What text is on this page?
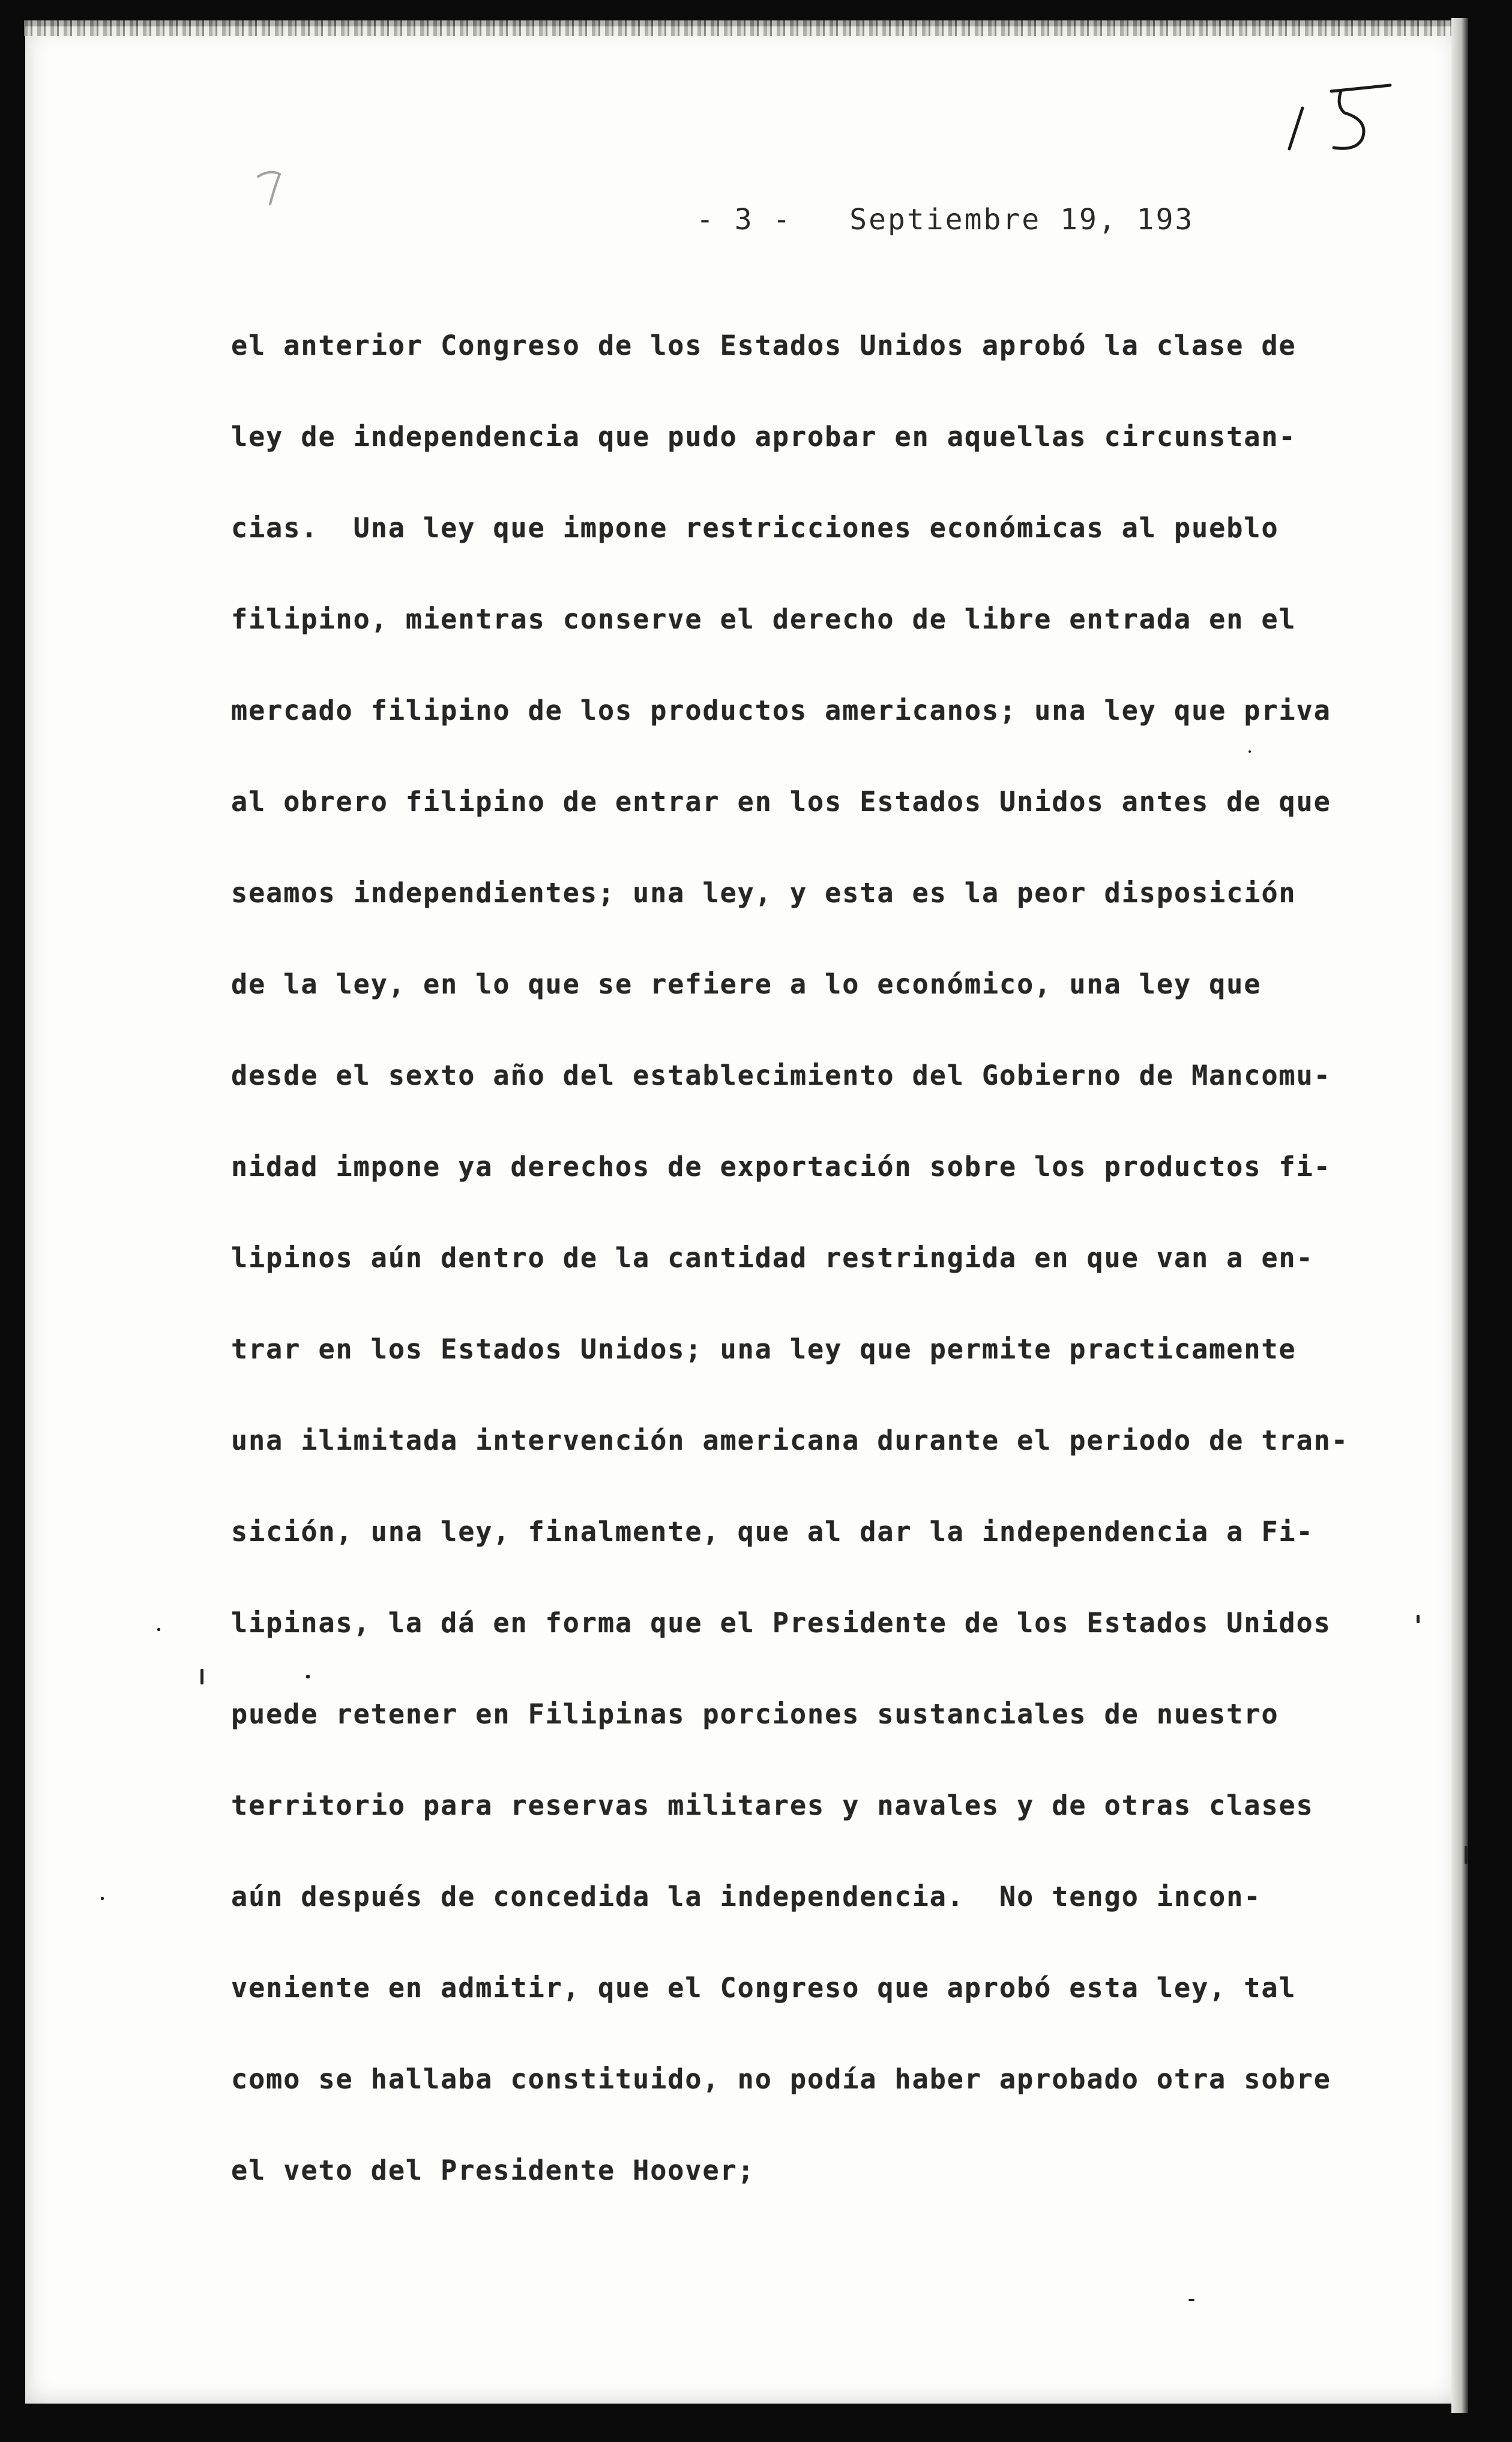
- 3 -   Septiembre 19, 193
el anterior Congreso de los Estados Unidos aprobó la clase de
ley de independencia que pudo aprobar en aquellas circunstan-
cias.  Una ley que impone restricciones económicas al pueblo
filipino, mientras conserve el derecho de libre entrada en el
mercado filipino de los productos americanos; una ley que priva
al obrero filipino de entrar en los Estados Unidos antes de que
seamos independientes; una ley, y esta es la peor disposición
de la ley, en lo que se refiere a lo económico, una ley que
desde el sexto año del establecimiento del Gobierno de Mancomu-
nidad impone ya derechos de exportación sobre los productos fi-
lipinos aún dentro de la cantidad restringida en que van a en-
trar en los Estados Unidos; una ley que permite practicamente
una ilimitada intervención americana durante el periodo de tran-
sición, una ley, finalmente, que al dar la independencia a Fi-
lipinas, la dá en forma que el Presidente de los Estados Unidos
puede retener en Filipinas porciones sustanciales de nuestro
territorio para reservas militares y navales y de otras clases
aún después de concedida la independencia.  No tengo incon-
veniente en admitir, que el Congreso que aprobó esta ley, tal
como se hallaba constituido, no podía haber aprobado otra sobre
el veto del Presidente Hoover;
